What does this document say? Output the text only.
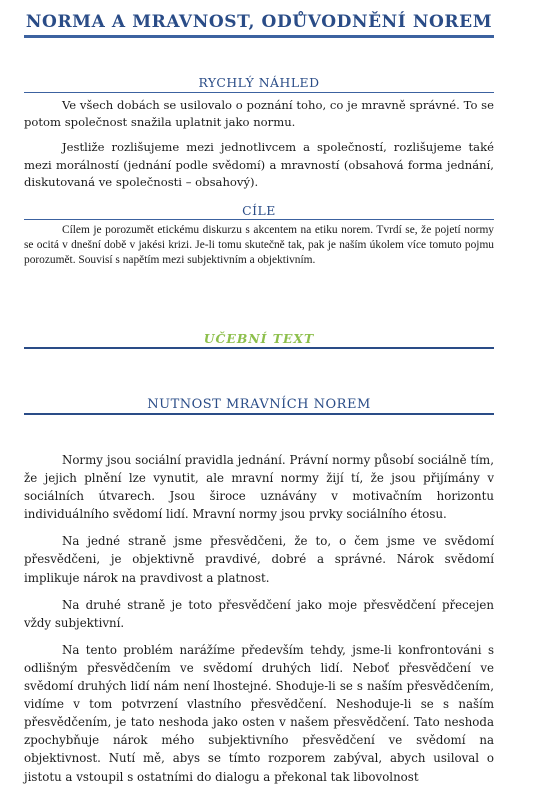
NORMA A MRAVNOST, ODŮVODNĚNÍ NOREM
RYCHLÝ NÁHLED

Ve všech dobách se usilovalo o poznání toho, co je mravně správné. To se potom společnost snažila uplatnit jako normu.

Jestliže rozlišujeme mezi jednotlivcem a společností, rozlišujeme také mezi morálností (jednání podle svědomí) a mravností (obsahová forma jednání, diskutovaná ve společnosti – obsahový).

CÍLE

Cílem je porozumět etickému diskurzu s akcentem na etiku norem. Tvrdí se, že pojetí normy se ocitá v dnešní době v jakési krizi. Je-li tomu skutečně tak, pak je naším úkolem více tomuto pojmu porozumět. Souvisí s napětím mezi subjektivním a objektivním.

UČEBNÍ TEXT
NUTNOST MRAVNÍCH NOREM

Normy jsou sociální pravidla jednání. Právní normy působí sociálně tím, že jejich plnění lze vynutit, ale mravní normy žijí tí, že jsou přijímány v sociálních útvarech. Jsou široce uznávány v motivačním horizontu individuálního svědomí lidí. Mravní normy jsou prvky sociálního étosu.

Na jedné straně jsme přesvědčeni, že to, o čem jsme ve svědomí přesvědčeni, je objektivně pravdivé, dobré a správné. Nárok svědomí implikuje nárok na pravdivost a platnost.

Na druhé straně je toto přesvědčení jako moje přesvědčení přecejen vždy subjektivní.

Na tento problém narážíme především tehdy, jsme-li konfrontováni s odlišným přesvědčením ve svědomí druhých lidí. Neboť přesvědčení ve svědomí druhých lidí nám není lhostejné. Shoduje-li se s naším přesvědčením, vidíme v tom potvrzení vlastního přesvědčení. Neshoduje-li se s naším přesvědčením, je tato neshoda jako osten v našem přesvědčení. Tato neshoda zpochybňuje nárok mého subjektivního přesvědčení ve svědomí na objektivnost. Nutí mě, abys se tímto rozporem zabýval, abych usiloval o jistotu a vstoupil s ostatními do dialogu a překonal tak libovolnost
